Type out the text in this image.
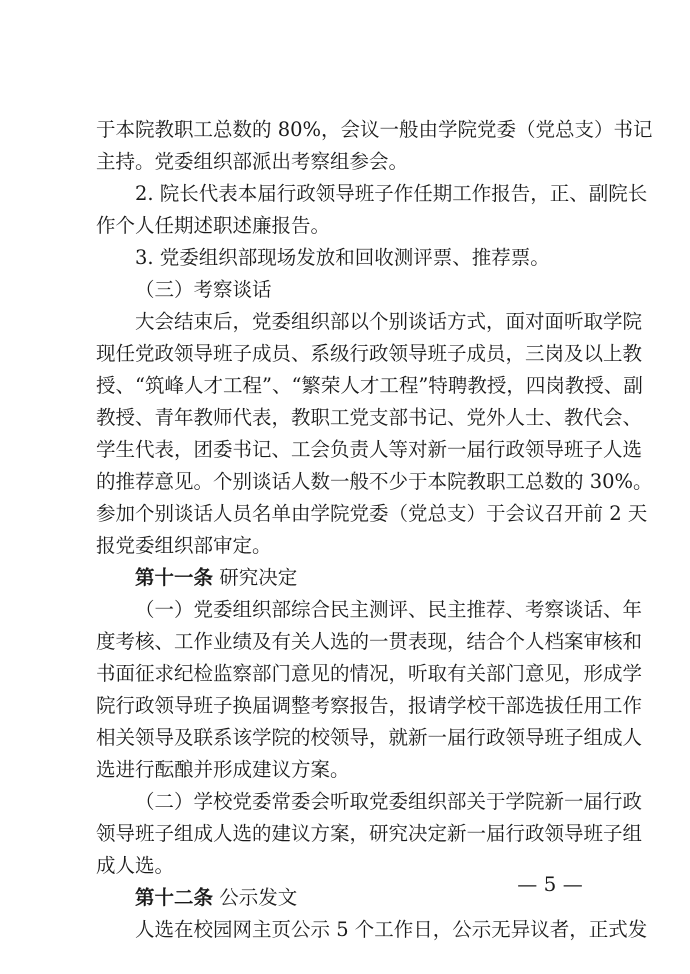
于本院教职工总数的 80%，会议一般由学院党委（党总支）书记
主持。党委组织部派出考察组参会。
2. 院长代表本届行政领导班子作任期工作报告，正、副院长
作个人任期述职述廉报告。
3. 党委组织部现场发放和回收测评票、推荐票。
（三）考察谈话
大会结束后，党委组织部以个别谈话方式，面对面听取学院
现任党政领导班子成员、系级行政领导班子成员，三岗及以上教
授、“筑峰人才工程”、“繁荣人才工程”特聘教授，四岗教授、副
教授、青年教师代表，教职工党支部书记、党外人士、教代会、
学生代表，团委书记、工会负责人等对新一届行政领导班子人选
的推荐意见。个别谈话人数一般不少于本院教职工总数的 30%。
参加个别谈话人员名单由学院党委（党总支）于会议召开前 2 天
报党委组织部审定。
第十一条 研究决定
（一）党委组织部综合民主测评、民主推荐、考察谈话、年
度考核、工作业绩及有关人选的一贯表现，结合个人档案审核和
书面征求纪检监察部门意见的情况，听取有关部门意见，形成学
院行政领导班子换届调整考察报告，报请学校干部选拔任用工作
相关领导及联系该学院的校领导，就新一届行政领导班子组成人
选进行酝酿并形成建议方案。
（二）学校党委常委会听取党委组织部关于学院新一届行政
领导班子组成人选的建议方案，研究决定新一届行政领导班子组
成人选。
第十二条 公示发文
人选在校园网主页公示 5 个工作日，公示无异议者，正式发
— 5 —
